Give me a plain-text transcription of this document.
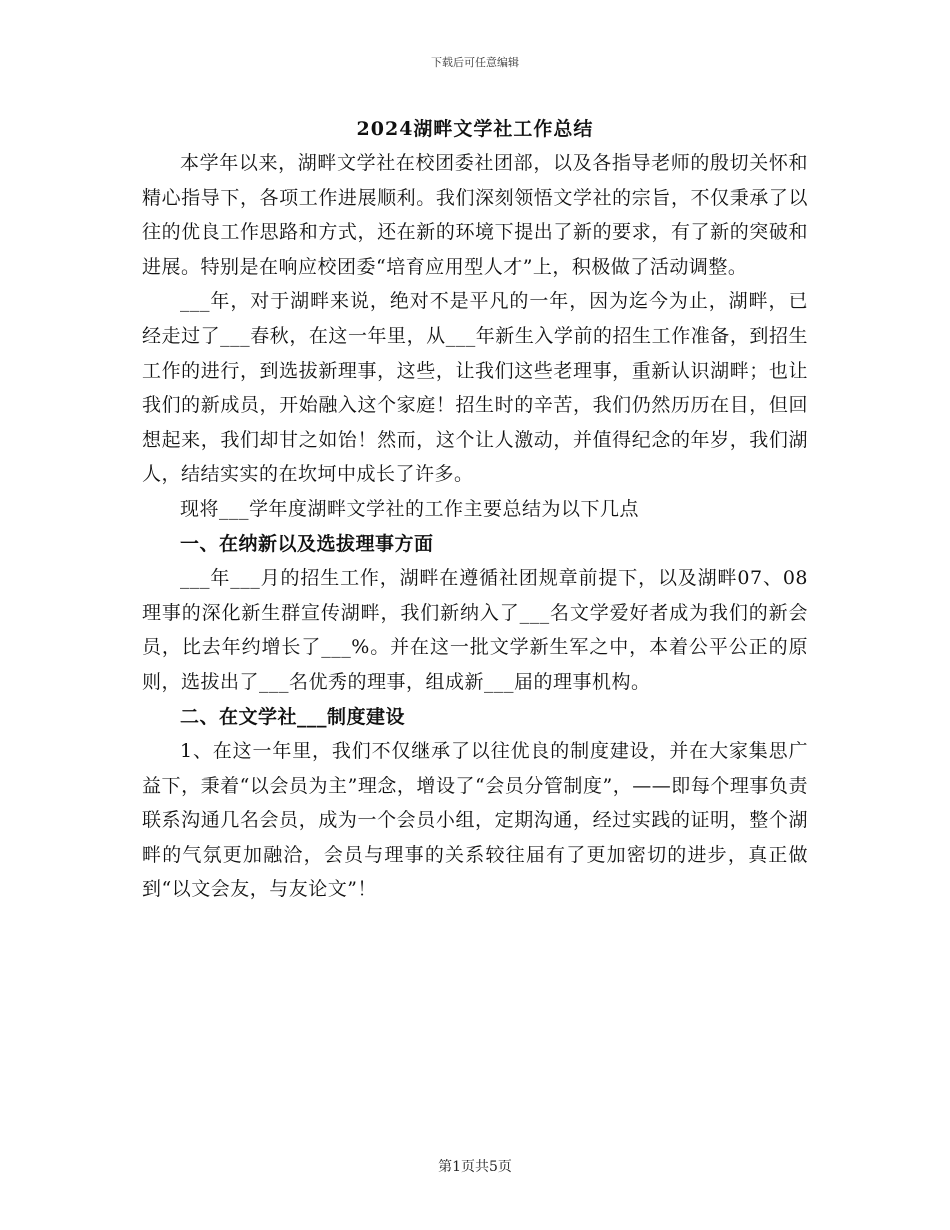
下载后可任意编辑
2024湖畔文学社工作总结

本学年以来，湖畔文学社在校团委社团部，以及各指导老师的殷切关怀和精心指导下，各项工作进展顺利。我们深刻领悟文学社的宗旨，不仅秉承了以往的优良工作思路和方式，还在新的环境下提出了新的要求，有了新的突破和进展。特别是在响应校团委“培育应用型人才”上，积极做了活动调整。

___年，对于湖畔来说，绝对不是平凡的一年，因为迄今为止，湖畔，已经走过了___春秋，在这一年里，从___年新生入学前的招生工作准备，到招生工作的进行，到选拔新理事，这些，让我们这些老理事，重新认识湖畔；也让我们的新成员，开始融入这个家庭！招生时的辛苦，我们仍然历历在目，但回想起来，我们却甘之如饴！然而，这个让人激动，并值得纪念的年岁，我们湖人，结结实实的在坎坷中成长了许多。

现将___学年度湖畔文学社的工作主要总结为以下几点

一、在纳新以及选拔理事方面

___年___月的招生工作，湖畔在遵循社团规章前提下，以及湖畔07、08理事的深化新生群宣传湖畔，我们新纳入了___名文学爱好者成为我们的新会员，比去年约增长了___%。并在这一批文学新生军之中，本着公平公正的原则，选拔出了___名优秀的理事，组成新___届的理事机构。

二、在文学社___制度建设

1、在这一年里，我们不仅继承了以往优良的制度建设，并在大家集思广益下，秉着“以会员为主”理念，增设了“会员分管制度”，——即每个理事负责联系沟通几名会员，成为一个会员小组，定期沟通，经过实践的证明，整个湖畔的气氛更加融洽，会员与理事的关系较往届有了更加密切的进步，真正做到“以文会友，与友论文”！

第1页共5页
